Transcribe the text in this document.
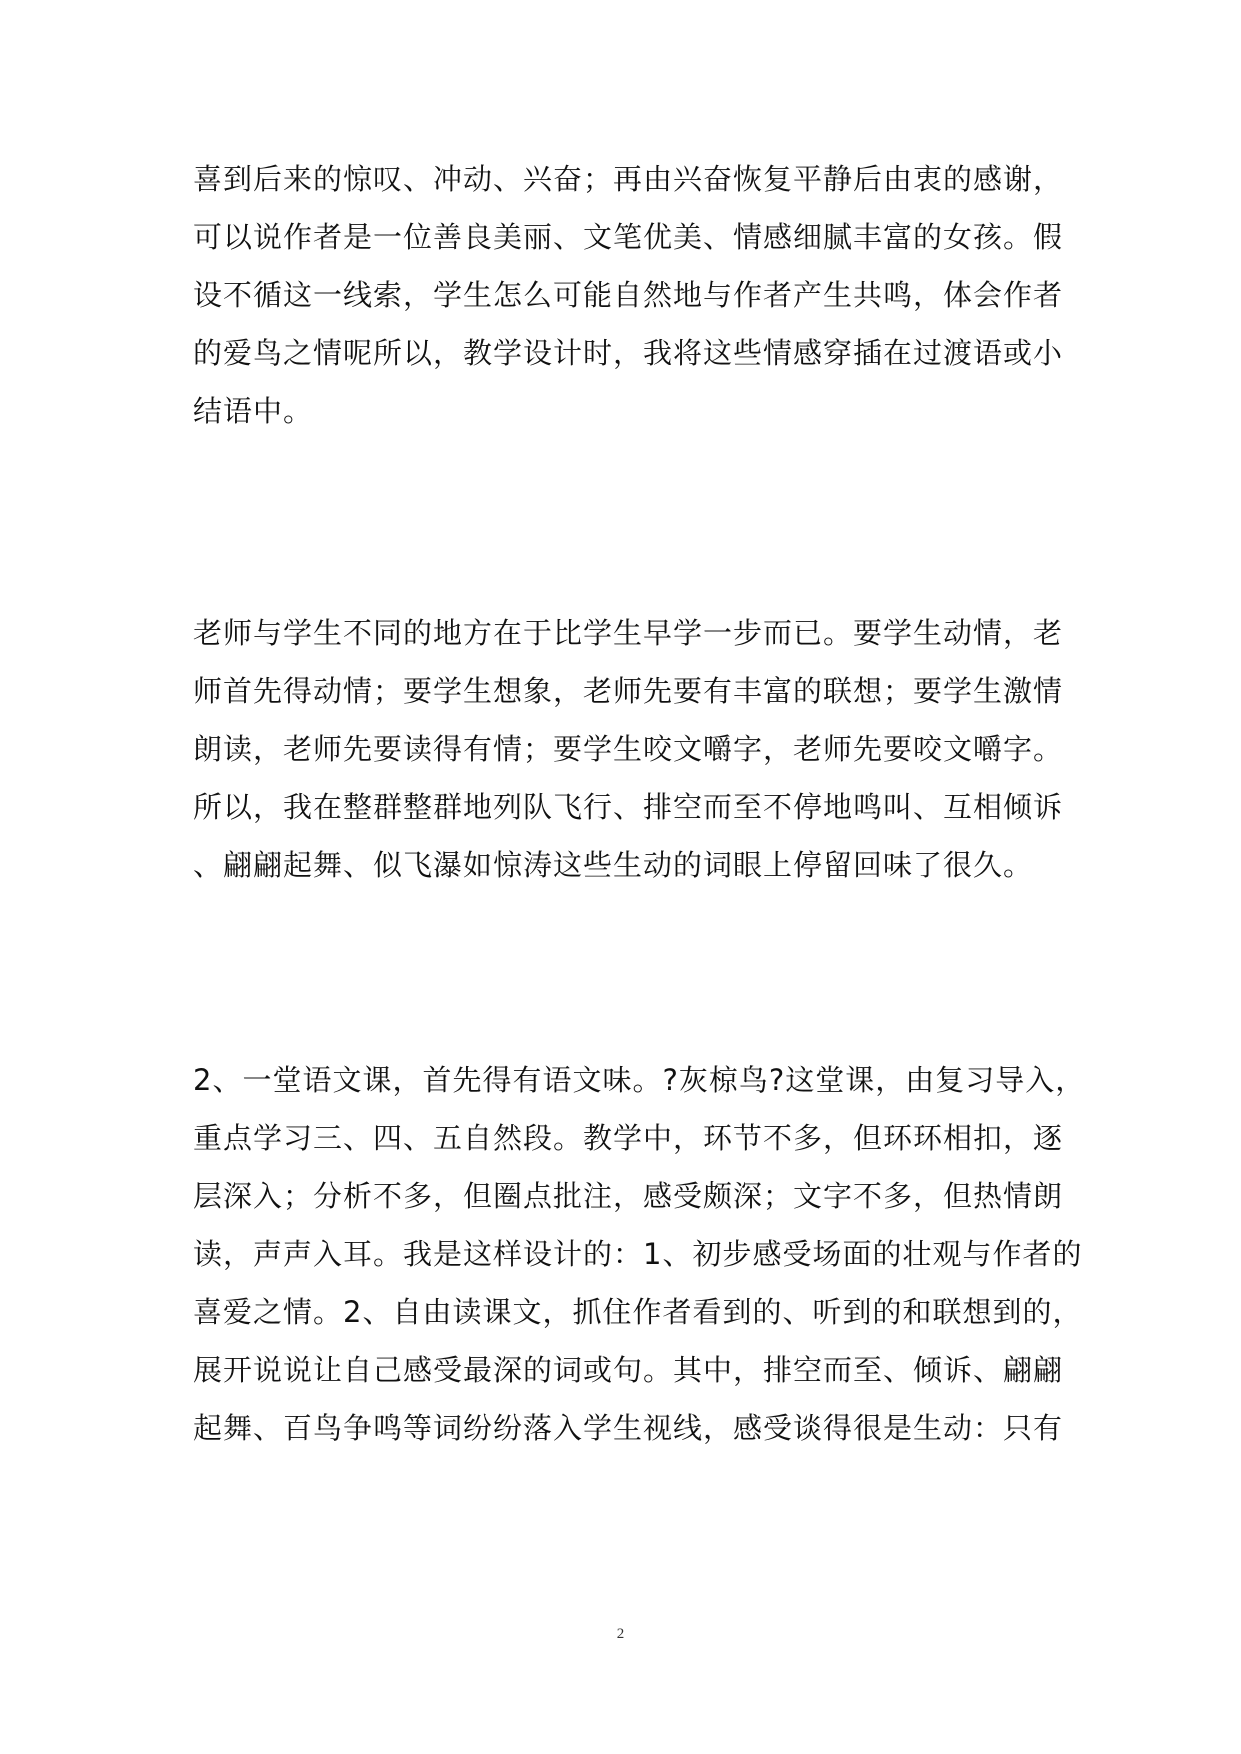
喜到后来的惊叹、冲动、兴奋；再由兴奋恢复平静后由衷的感谢，
可以说作者是一位善良美丽、文笔优美、情感细腻丰富的女孩。假
设不循这一线索，学生怎么可能自然地与作者产生共鸣，体会作者
的爱鸟之情呢所以，教学设计时，我将这些情感穿插在过渡语或小
结语中。
老师与学生不同的地方在于比学生早学一步而已。要学生动情，老
师首先得动情；要学生想象，老师先要有丰富的联想；要学生激情
朗读，老师先要读得有情；要学生咬文嚼字，老师先要咬文嚼字。
所以，我在整群整群地列队飞行、排空而至不停地鸣叫、互相倾诉
、翩翩起舞、似飞瀑如惊涛这些生动的词眼上停留回味了很久。
2、一堂语文课，首先得有语文味。?灰椋鸟?这堂课，由复习导入，
重点学习三、四、五自然段。教学中，环节不多，但环环相扣，逐
层深入；分析不多，但圈点批注，感受颇深；文字不多，但热情朗
读，声声入耳。我是这样设计的：1、初步感受场面的壮观与作者的
喜爱之情。2、自由读课文，抓住作者看到的、听到的和联想到的，
展开说说让自己感受最深的词或句。其中，排空而至、倾诉、翩翩
起舞、百鸟争鸣等词纷纷落入学生视线，感受谈得很是生动：只有
2
